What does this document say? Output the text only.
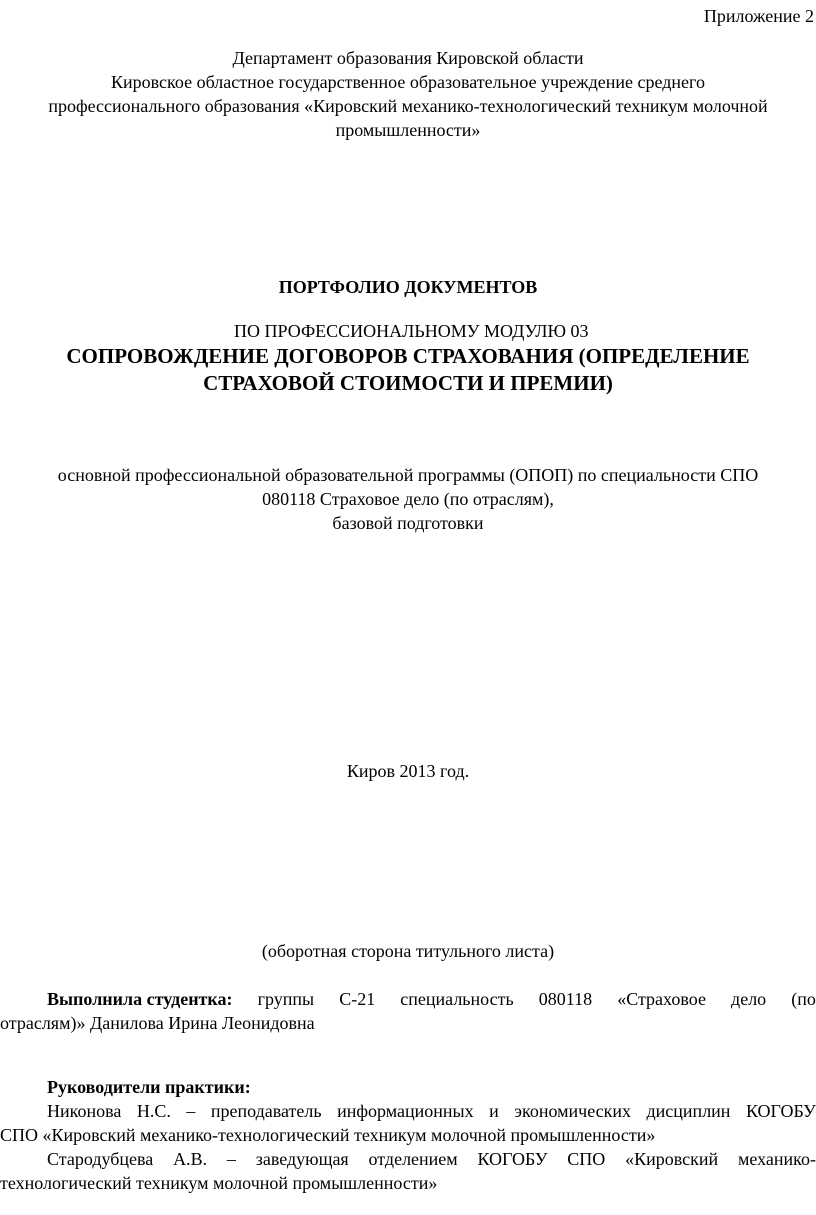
Приложение 2
Департамент образования Кировской области
Кировское областное государственное образовательное учреждение среднего
профессионального образования «Кировский механико-технологический техникум молочной
промышленности»
ПОРТФОЛИО ДОКУМЕНТОВ
ПО ПРОФЕССИОНАЛЬНОМУ МОДУЛЮ 03
СОПРОВОЖДЕНИЕ ДОГОВОРОВ СТРАХОВАНИЯ (ОПРЕДЕЛЕНИЕ
СТРАХОВОЙ СТОИМОСТИ И ПРЕМИИ)
основной профессиональной образовательной программы (ОПОП) по специальности СПО
080118 Страховое дело (по отраслям),
базовой подготовки
Киров 2013 год.
(оборотная сторона титульного листа)
Выполнила студентка: группы С-21 специальность 080118 «Страховое дело (по
отраслям)» Данилова Ирина Леонидовна
Руководители практики:
Никонова Н.С. – преподаватель информационных и экономических дисциплин КОГОБУ
СПО «Кировский механико-технологический техникум молочной промышленности»
Стародубцева А.В. – заведующая отделением КОГОБУ СПО «Кировский механико-
технологический техникум молочной промышленности»
